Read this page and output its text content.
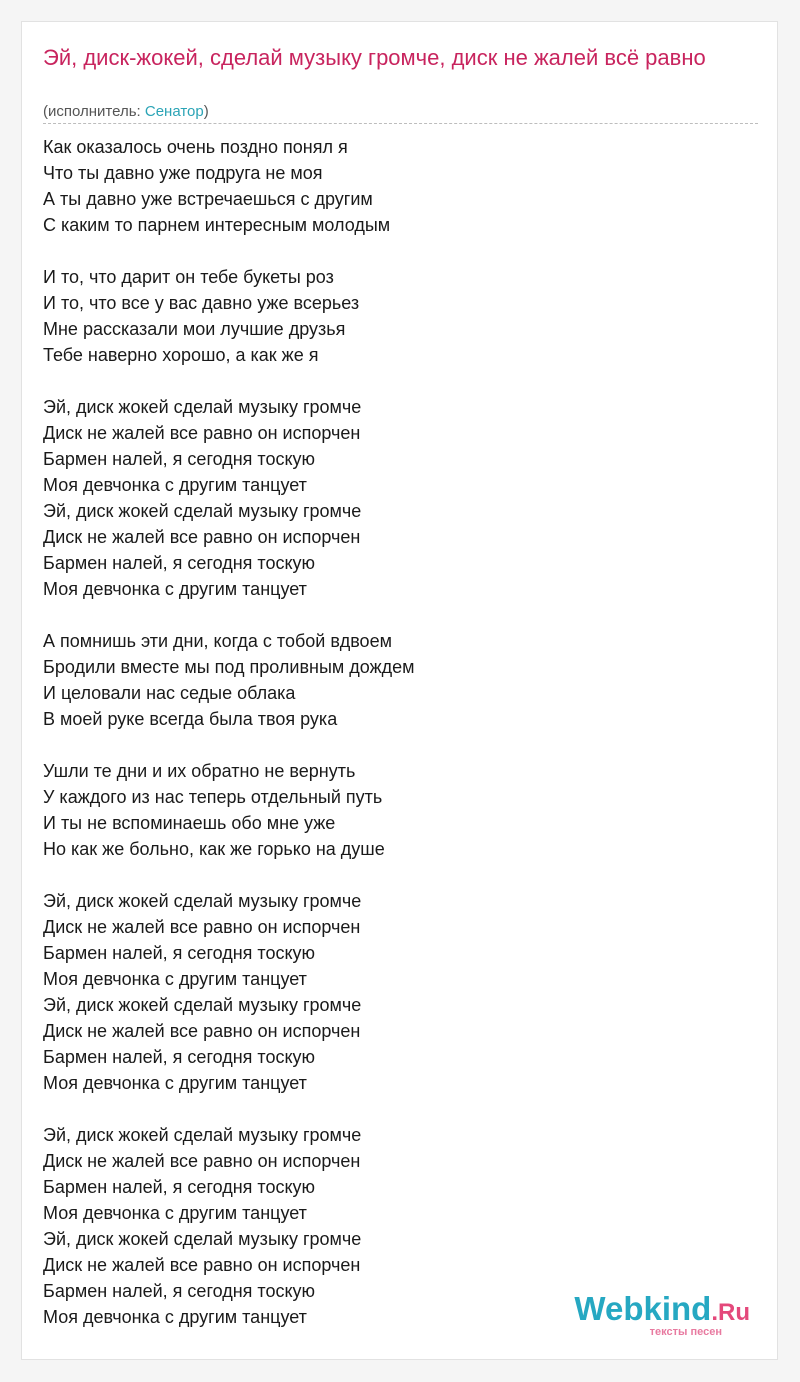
Эй, диск-жокей, сделай музыку громче, диск не жалей всё равно
(исполнитель: Сенатор)
Как оказалось очень поздно понял я
Что ты давно уже подруга не моя
А ты давно уже встречаешься с другим
С каким то парнем интересным молодым
И то, что дарит он тебе букеты роз
И то, что все у вас давно уже всерьез
Мне рассказали мои лучшие друзья
Тебе наверно хорошо, а как же я
Эй, диск жокей сделай музыку громче
Диск не жалей все равно он испорчен
Бармен налей, я сегодня тоскую
Моя девчонка с другим танцует
Эй, диск жокей сделай музыку громче
Диск не жалей все равно он испорчен
Бармен налей, я сегодня тоскую
Моя девчонка с другим танцует
А помнишь эти дни, когда с тобой вдвоем
Бродили вместе мы под проливным дождем
И целовали нас седые облака
В моей руке всегда была твоя рука
Ушли те дни и их обратно не вернуть
У каждого из нас теперь отдельный путь
И ты не вспоминаешь обо мне уже
Но как же больно, как же горько на душе
Эй, диск жокей сделай музыку громче
Диск не жалей все равно он испорчен
Бармен налей, я сегодня тоскую
Моя девчонка с другим танцует
Эй, диск жокей сделай музыку громче
Диск не жалей все равно он испорчен
Бармен налей, я сегодня тоскую
Моя девчонка с другим танцует
Эй, диск жокей сделай музыку громче
Диск не жалей все равно он испорчен
Бармен налей, я сегодня тоскую
Моя девчонка с другим танцует
Эй, диск жокей сделай музыку громче
Диск не жалей все равно он испорчен
Бармен налей, я сегодня тоскую
Моя девчонка с другим танцует	Webkind.Ru
тексты песен
